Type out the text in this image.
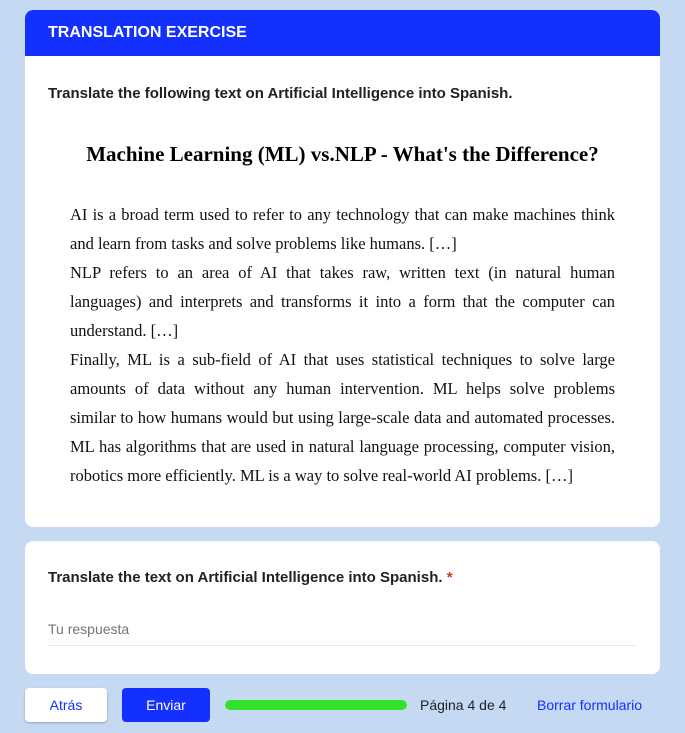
TRANSLATION EXERCISE
Translate the following text on Artificial Intelligence into Spanish.
Machine Learning (ML) vs.NLP - What's the Difference?

AI is a broad term used to refer to any technology that can make machines think and learn from tasks and solve problems like humans. […]

NLP refers to an area of AI that takes raw, written text (in natural human languages) and interprets and transforms it into a form that the computer can understand. […]

Finally, ML is a sub-field of AI that uses statistical techniques to solve large amounts of data without any human intervention. ML helps solve problems similar to how humans would but using large-scale data and automated processes. ML has algorithms that are used in natural language processing, computer vision, robotics more efficiently. ML is a way to solve real-world AI problems. […]

Translate the text on Artificial Intelligence into Spanish. *
Tu respuesta
Atrás	Enviar	Página 4 de 4 Borrar formulario
